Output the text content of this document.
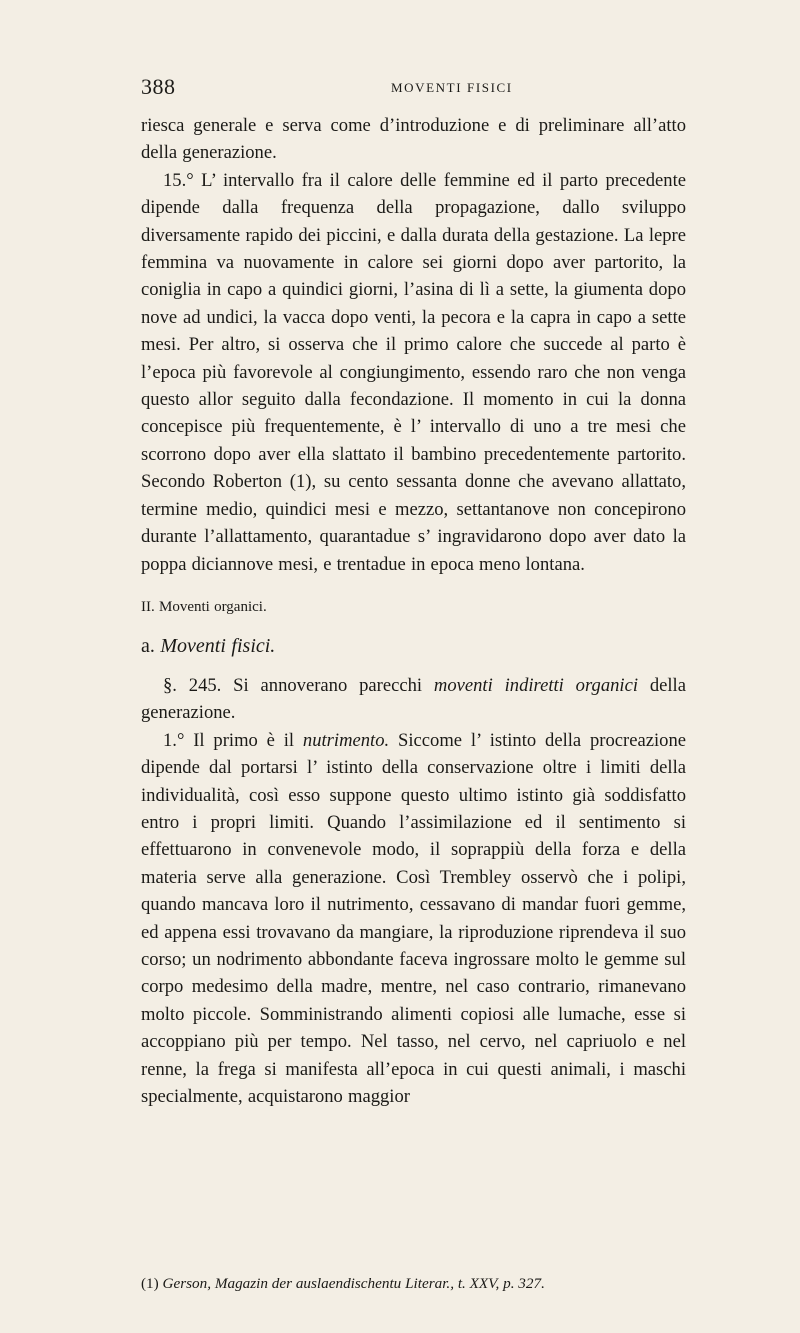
388	MOVENTI FISICI

riesca generale e serva come d’introduzione e di preliminare all’atto della generazione.

15.° L’ intervallo fra il calore delle femmine ed il parto precedente dipende dalla frequenza della propagazione, dallo sviluppo diversamente rapido dei piccini, e dalla durata della gestazione. La lepre femmina va nuovamente in calore sei giorni dopo aver partorito, la coniglia in capo a quindici giorni, l’asina di lì a sette, la giumenta dopo nove ad undici, la vacca dopo venti, la pecora e la capra in capo a sette mesi. Per altro, si osserva che il primo calore che succede al parto è l’epoca più favorevole al congiungimento, essendo raro che non venga questo allor seguito dalla fecondazione. Il momento in cui la donna concepisce più frequentemente, è l’ intervallo di uno a tre mesi che scorrono dopo aver ella slattato il bambino precedentemente partorito. Secondo Roberton (1), su cento sessanta donne che avevano allattato, termine medio, quindici mesi e mezzo, settantanove non concepirono durante l’allattamento, quarantadue s’ ingravidarono dopo aver dato la poppa diciannove mesi, e trentadue in epoca meno lontana.

II. Moventi organici.

a. Moventi fisici.

§. 245. Si annoverano parecchi moventi indiretti organici della generazione.

1.° Il primo è il nutrimento. Siccome l’ istinto della procreazione dipende dal portarsi l’ istinto della conservazione oltre i limiti della individualità, così esso suppone questo ultimo istinto già soddisfatto entro i propri limiti. Quando l’assimilazione ed il sentimento si effettuarono in convenevole modo, il soprappiù della forza e della materia serve alla generazione. Così Trembley osservò che i polipi, quando mancava loro il nutrimento, cessavano di mandar fuori gemme, ed appena essi trovavano da mangiare, la riproduzione riprendeva il suo corso; un nodrimento abbondante faceva ingrossare molto le gemme sul corpo medesimo della madre, mentre, nel caso contrario, rimanevano molto piccole. Somministrando alimenti copiosi alle lumache, esse si accoppiano più per tempo. Nel tasso, nel cervo, nel capriuolo e nel renne, la frega si manifesta all’epoca in cui questi animali, i maschi specialmente, acquistarono maggior

(1) Gerson, Magazin der auslaendischentu Literar., t. XXV, p. 327.
